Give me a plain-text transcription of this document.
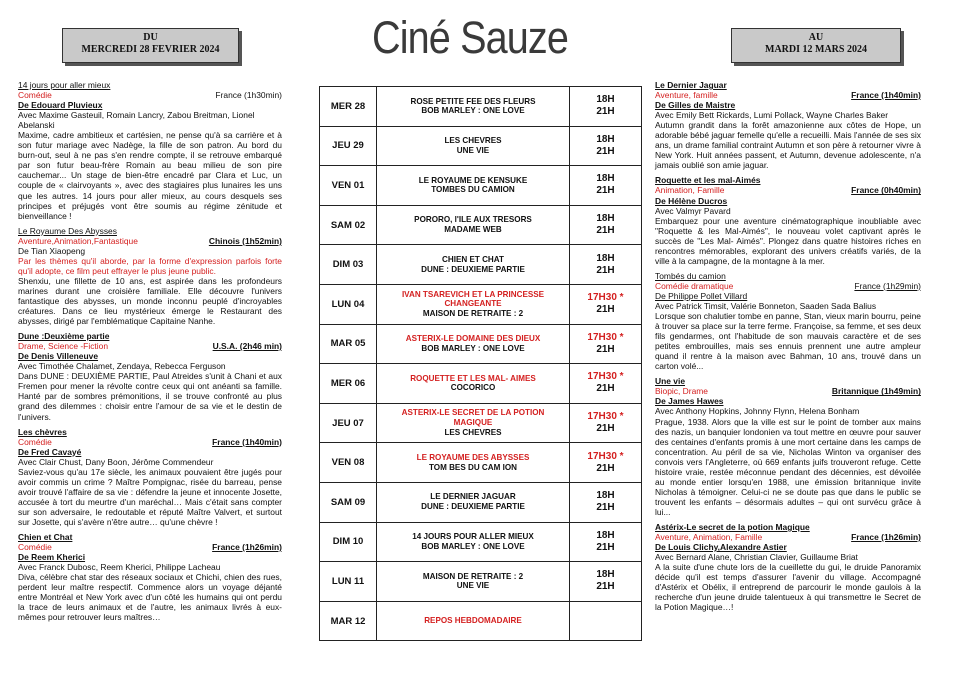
DU
MERCREDI 28 FEVRIER 2024	Ciné Sauze	AU
MARDI 12 MARS 2024
14 jours pour aller mieux
Comédie	France (1h30min)
De Edouard Pluvieux
Avec Maxime Gasteuil, Romain Lancry, Zabou Breitman, Lionel Abelanski
Maxime, cadre ambitieux et cartésien, ne pense qu'à sa carrière et à son futur mariage avec Nadège, la fille de son patron. Au bord du burn-out, seul à ne pas s'en rendre compte, il se retrouve embarqué par son futur beau-frère Romain au beau milieu de son pire cauchemar... Un stage de bien-être encadré par Clara et Luc, un couple de « clairvoyants », avec des stagiaires plus lunaires les uns que les autres. 14 jours pour aller mieux, au cours desquels ses principes et préjugés vont être soumis au régime zénitude et bienveillance !
Le Royaume Des Abysses
Aventure,Animation,Fantastique	Chinois (1h52min)
De Tian Xiaopeng
Par les thèmes qu'il aborde, par la forme d'expression parfois forte qu'il adopte, ce film peut effrayer le plus jeune public.
Shenxiu, une fillette de 10 ans, est aspirée dans les profondeurs marines durant une croisière familiale. Elle découvre l'univers fantastique des abysses, un monde inconnu peuplé d'incroyables créatures. Dans ce lieu mystérieux émerge le Restaurant des abysses, dirigé par l'emblématique Capitaine Nanhe.
Dune :Deuxième partie
Drame, Science -Fiction	U.S.A. (2h46 min)
De Denis Villeneuve
Avec Timothée Chalamet, Zendaya, Rebecca Ferguson
Dans DUNE : DEUXIÈME PARTIE, Paul Atreides s'unit à Chani et aux Fremen pour mener la révolte contre ceux qui ont anéanti sa famille. Hanté par de sombres prémonitions, il se trouve confronté au plus grand des dilemmes : choisir entre l'amour de sa vie et le destin de l'univers.
Les chèvres
Comédie	France (1h40min)
De Fred Cavayé
Avec Clair Chust, Dany Boon, Jérôme Commendeur
Saviez-vous qu'au 17e siècle, les animaux pouvaient être jugés pour avoir commis un crime ? Maître Pompignac, risée du barreau, pense avoir trouvé l'affaire de sa vie : défendre la jeune et innocente Josette, accusée à tort du meurtre d'un maréchal… Mais c'était sans compter sur son adversaire, le redoutable et réputé Maître Valvert, et surtout sur Josette, qui s'avère n'être autre… qu'une chèvre !
Chien et Chat
Comédie	France (1h26min)
De Reem Kherici
Avec Franck Dubosc, Reem Kherici, Philippe Lacheau
Diva, célèbre chat star des réseaux sociaux et Chichi, chien des rues, perdent leur maître respectif. Commence alors un voyage déjanté entre Montréal et New York avec d'un côté les humains qui ont perdu la trace de leurs animaux et de l'autre, les animaux livrés à eux-mêmes pour retrouver leurs maîtres…
MER 28	ROSE PETITE FEE DES FLEURS
BOB MARLEY : ONE LOVE	18H
21H

JEU 29	LES CHEVRES
UNE VIE	18H
21H

VEN 01	LE ROYAUME DE KENSUKE
TOMBES DU CAMION	18H
21H

SAM 02	PORORO, l'ILE AUX TRESORS
MADAME WEB	18H
21H

DIM 03	CHIEN ET CHAT
DUNE : DEUXIEME PARTIE	18H
21H

LUN 04	IVAN TSAREVICH ET LA PRINCESSE
CHANGEANTE
MAISON DE RETRAITE : 2	17H30 *
21H

MAR 05	ASTERIX-LE DOMAINE DES DIEUX
BOB MARLEY : ONE LOVE	17H30 *
21H

MER 06	ROQUETTE ET LES MAL- AIMES
COCORICO	17H30 *
21H

JEU 07	ASTERIX-LE SECRET DE LA POTION
MAGIQUE
LES CHEVRES	17H30 *
21H

VEN 08	LE ROYAUME DES ABYSSES
TOM BES DU CAM ION	17H30 *
21H

SAM 09	LE DERNIER JAGUAR
DUNE : DEUXIEME PARTIE	18H
21H

DIM 10	14 JOURS POUR ALLER MIEUX
BOB MARLEY : ONE LOVE	18H
21H

LUN 11	MAISON DE RETRAITE : 2
UNE VIE	18H
21H

MAR 12	REPOS HEBDOMADAIRE	

Le Dernier Jaguar
Aventure, famille	France (1h40min)
De Gilles de Maistre
Avec Emily Bett Rickards, Lumi Pollack, Wayne Charles Baker
Autumn grandit dans la forêt amazonienne aux côtes de Hope, un adorable bébé jaguar femelle qu'elle a recueilli. Mais l'année de ses six ans, un drame familial contraint Autumn et son père à retourner vivre à New York. Huit années passent, et Autumn, devenue adolescente, n'a jamais oublié son amie jaguar.
Roquette et les mal-Aimés
Animation, Famille	France (0h40min)
De Hélène Ducros
Avec Valmyr Pavard
Embarquez pour une aventure cinématographique inoubliable avec "Roquette & les Mal-Aimés", le nouveau volet captivant après le succès de "Les Mal- Aimés". Plongez dans quatre histoires riches en rencontres mémorables, explorant des univers créatifs variés, de la ville à la campagne, de la montagne à la mer.
Tombés du camion
Comédie dramatique	France (1h29min)
De Philippe Pollet Villard
Avec Patrick Timsit, Valérie Bonneton, Saaden Sada Balius
Lorsque son chalutier tombe en panne, Stan, vieux marin bourru, peine à trouver sa place sur la terre ferme. Françoise, sa femme, et ses deux fils gendarmes, ont l'habitude de son mauvais caractère et de ses petites embrouilles, mais ses ennuis prennent une autre ampleur quand il rentre à la maison avec Bahman, 10 ans, trouvé dans un carton volé...
Une vie
Biopic, Drame	Britannique (1h49min)
De James Hawes
Avec Anthony Hopkins, Johnny Flynn, Helena Bonham
Prague, 1938. Alors que la ville est sur le point de tomber aux mains des nazis, un banquier londonien va tout mettre en œuvre pour sauver des centaines d'enfants promis à une mort certaine dans les camps de concentration. Au péril de sa vie, Nicholas Winton va organiser des convois vers l'Angleterre, où 669 enfants juifs trouveront refuge. Cette histoire vraie, restée méconnue pendant des décennies, est dévoilée au monde entier lorsqu'en 1988, une émission britannique invite Nicholas à témoigner. Celui-ci ne se doute pas que dans le public se trouvent les enfants – désormais adultes – qui ont survécu grâce à lui...
Astérix-Le secret de la potion Magique
Aventure, Animation, Famille	France (1h26min)
De Louis Clichy,Alexandre Astier
Avec Bernard Alane, Christian Clavier, Guillaume Briat
A la suite d'une chute lors de la cueillette du gui, le druide Panoramix décide qu'il est temps d'assurer l'avenir du village. Accompagné d'Astérix et Obélix, il entreprend de parcourir le monde gaulois à la recherche d'un jeune druide talentueux à qui transmettre le Secret de la Potion Magique…!
